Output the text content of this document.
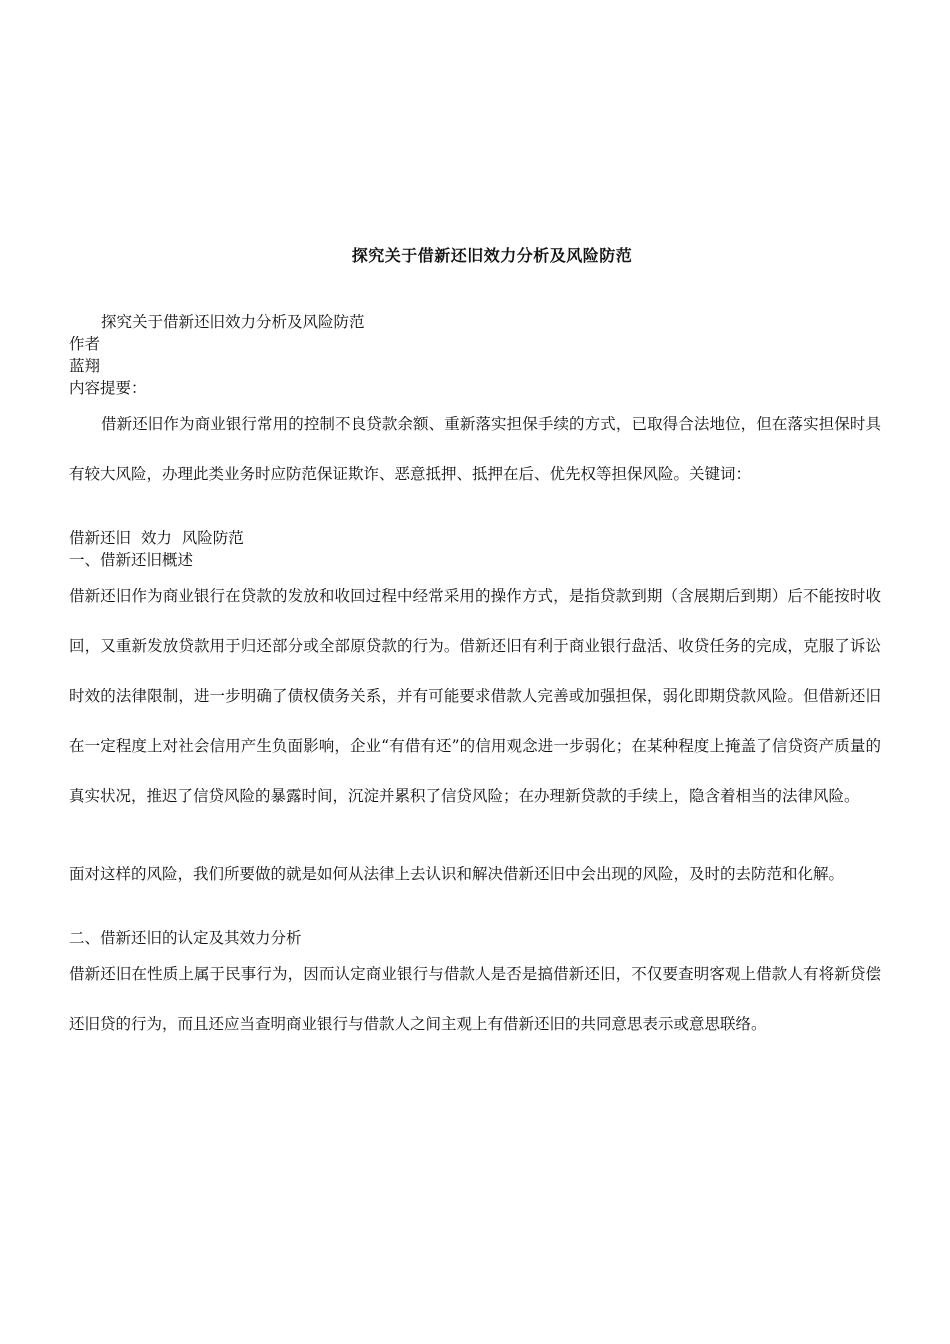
探究关于借新还旧效力分析及风险防范

探究关于借新还旧效力分析及风险防范

作者

蓝翔

内容提要：

借新还旧作为商业银行常用的控制不良贷款余额、重新落实担保手续的方式，已取得合法地位，但在落实担保时具有较大风险，办理此类业务时应防范保证欺诈、恶意抵押、抵押在后、优先权等担保风险。关键词：

借新还旧  效力  风险防范

一、借新还旧概述

借新还旧作为商业银行在贷款的发放和收回过程中经常采用的操作方式，是指贷款到期（含展期后到期）后不能按时收回，又重新发放贷款用于归还部分或全部原贷款的行为。借新还旧有利于商业银行盘活、收贷任务的完成，克服了诉讼时效的法律限制，进一步明确了债权债务关系，并有可能要求借款人完善或加强担保，弱化即期贷款风险。但借新还旧在一定程度上对社会信用产生负面影响，企业“有借有还”的信用观念进一步弱化；在某种程度上掩盖了信贷资产质量的真实状况，推迟了信贷风险的暴露时间，沉淀并累积了信贷风险；在办理新贷款的手续上，隐含着相当的法律风险。

面对这样的风险，我们所要做的就是如何从法律上去认识和解决借新还旧中会出现的风险，及时的去防范和化解。

二、借新还旧的认定及其效力分析

借新还旧在性质上属于民事行为，因而认定商业银行与借款人是否是搞借新还旧，不仅要查明客观上借款人有将新贷偿还旧贷的行为，而且还应当查明商业银行与借款人之间主观上有借新还旧的共同意思表示或意思联络。
